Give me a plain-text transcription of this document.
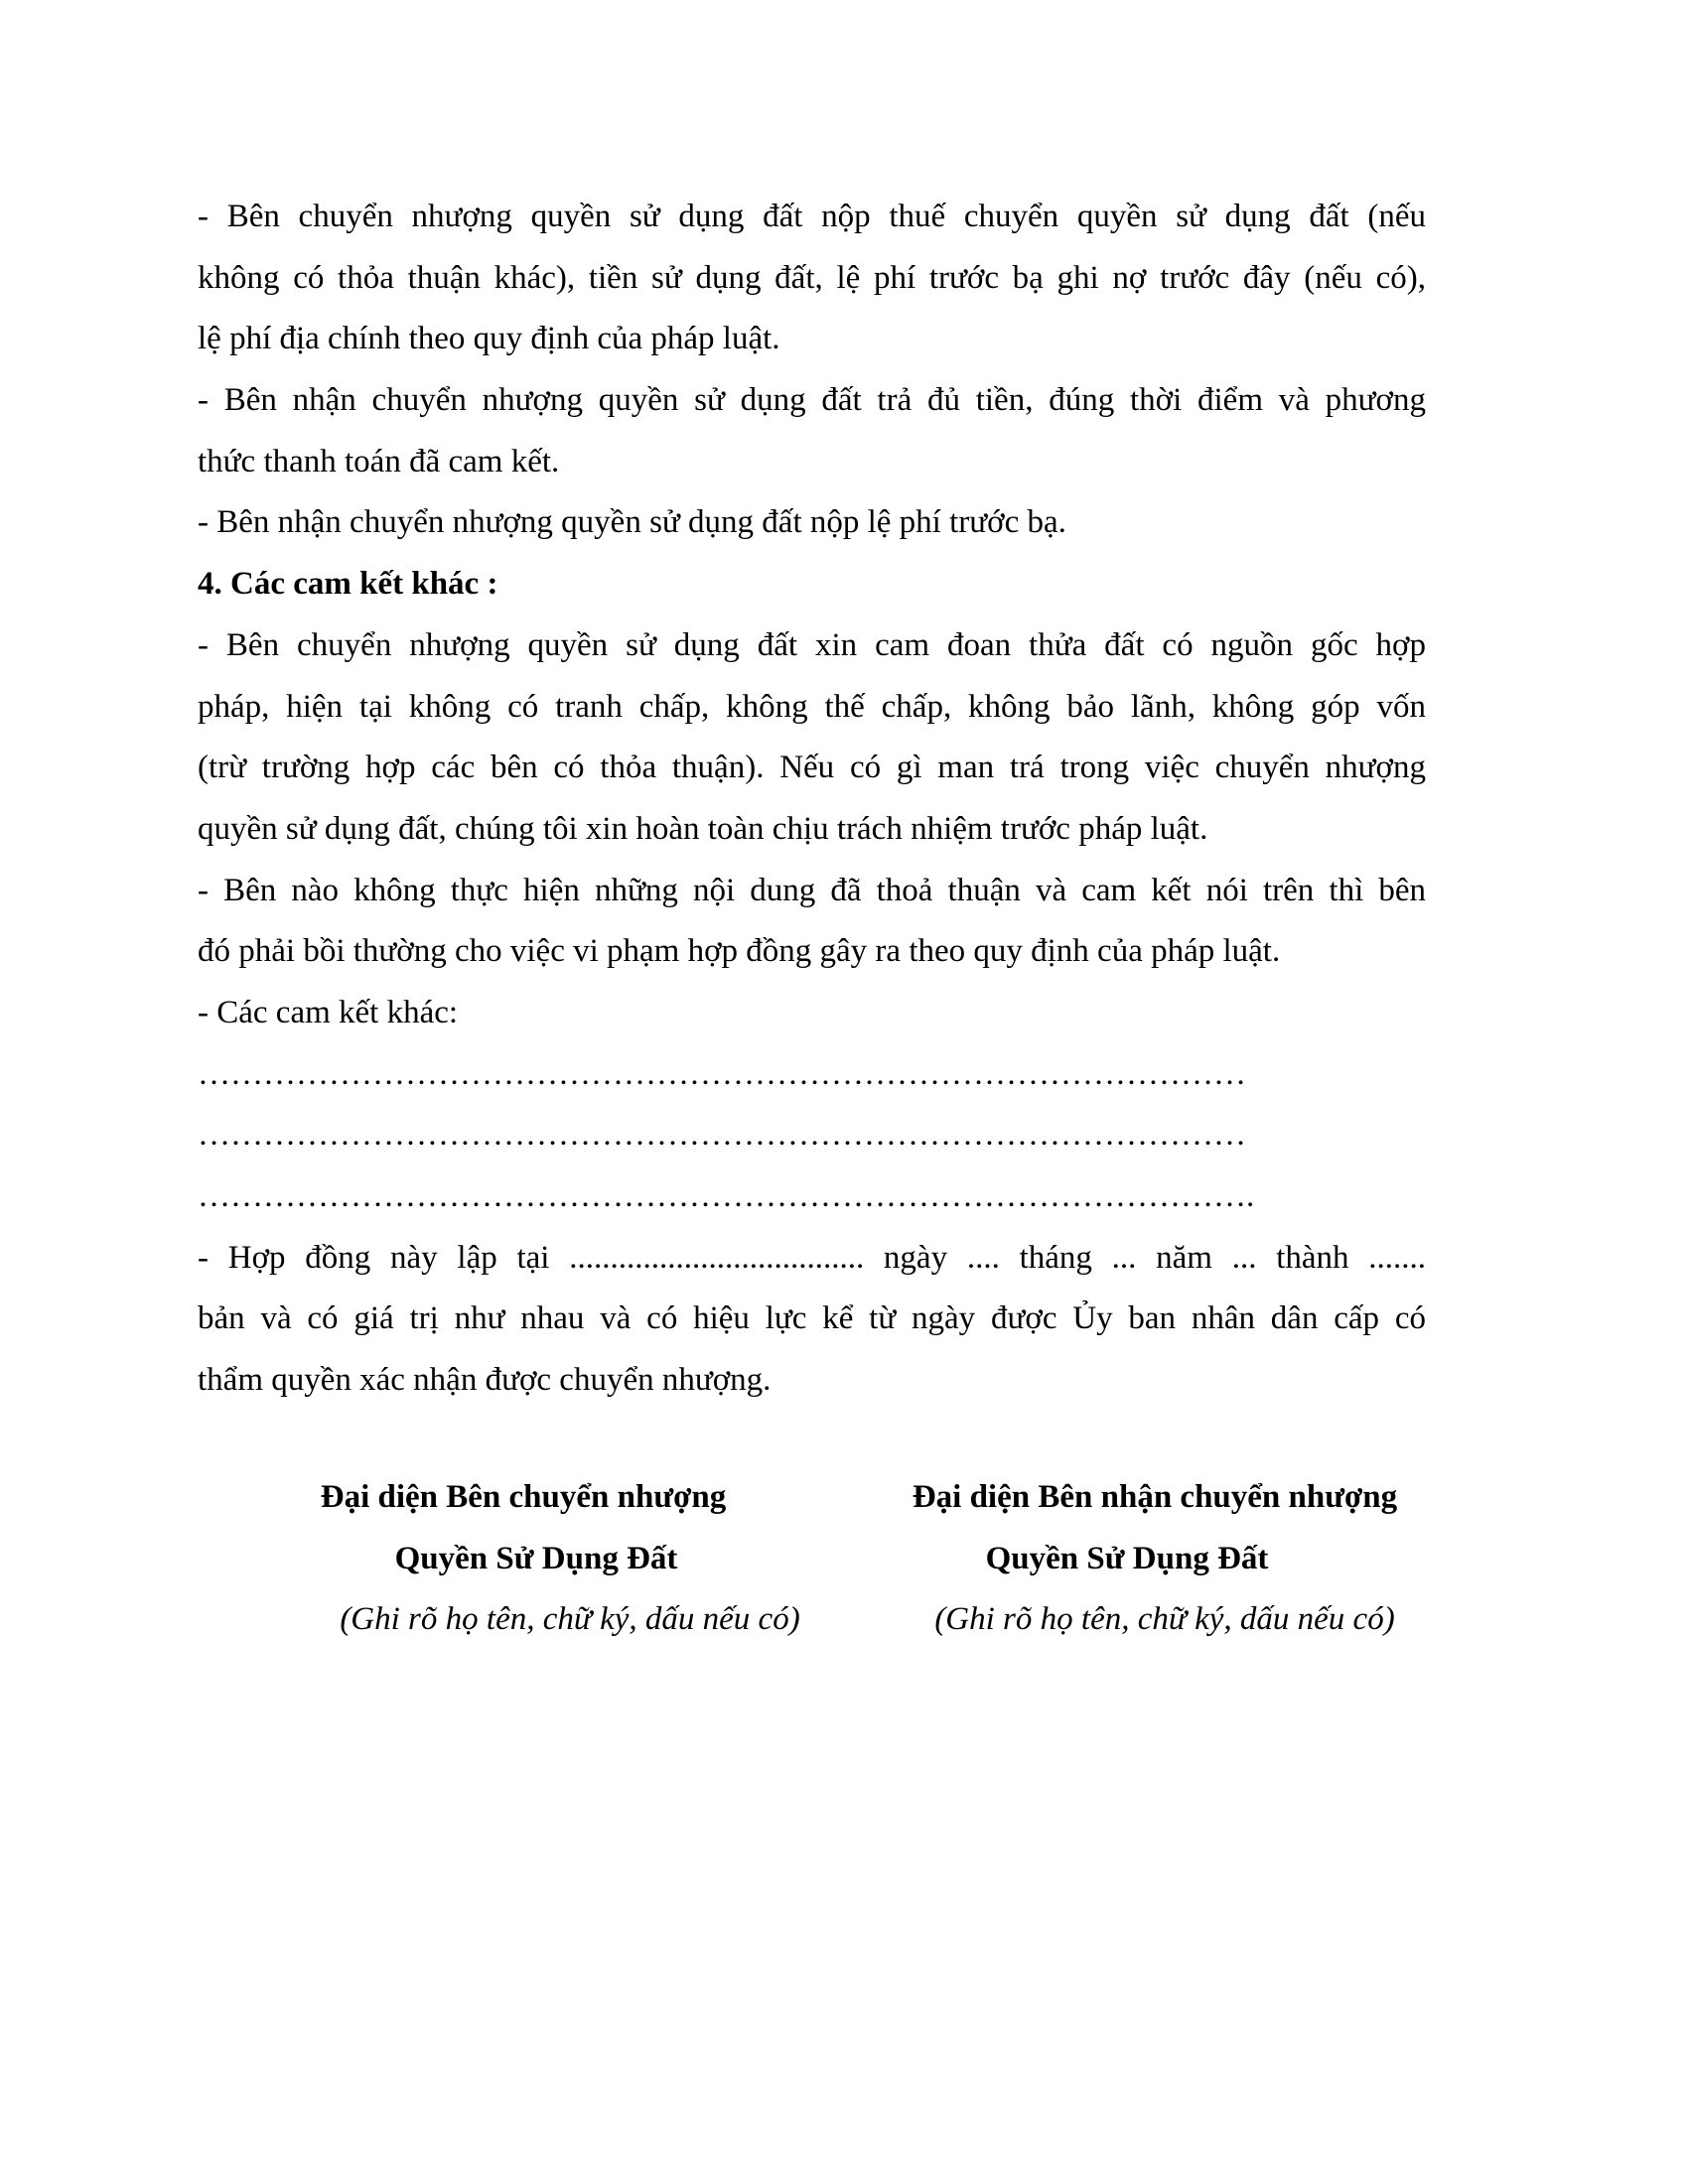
- Bên chuyển nhượng quyền sử dụng đất nộp thuế chuyển quyền sử dụng đất (nếu
không có thỏa thuận khác), tiền sử dụng đất, lệ phí trước bạ ghi nợ trước đây (nếu có),
lệ phí địa chính theo quy định của pháp luật.
- Bên nhận chuyển nhượng quyền sử dụng đất trả đủ tiền, đúng thời điểm và phương
thức thanh toán đã cam kết.
- Bên nhận chuyển nhượng quyền sử dụng đất nộp lệ phí trước bạ.
4. Các cam kết khác :
- Bên chuyển nhượng quyền sử dụng đất xin cam đoan thửa đất có nguồn gốc hợp
pháp, hiện tại không có tranh chấp, không thế chấp, không bảo lãnh, không góp vốn
(trừ trường hợp các bên có thỏa thuận). Nếu có gì man trá trong việc chuyển nhượng
quyền sử dụng đất, chúng tôi xin hoàn toàn chịu trách nhiệm trước pháp luật.
- Bên nào không thực hiện những nội dung đã thoả thuận và cam kết nói trên thì bên
đó phải bồi thường cho việc vi phạm hợp đồng gây ra theo quy định của pháp luật.
- Các cam kết khác:
……………………………………………………………………………………
……………………………………………………………………………………
…………………………………………………………………………………….
- Hợp đồng này lập tại .................................... ngày .... tháng ... năm ... thành .......
bản và có giá trị như nhau và có hiệu lực kể từ ngày được Ủy ban nhân dân cấp có
thẩm quyền xác nhận được chuyển nhượng.
Đại diện Bên chuyển nhượng
Quyền Sử Dụng Đất
(Ghi rõ họ tên, chữ ký, dấu nếu có)
Đại diện Bên nhận chuyển nhượng
Quyền Sử Dụng Đất
(Ghi rõ họ tên, chữ ký, dấu nếu có)
